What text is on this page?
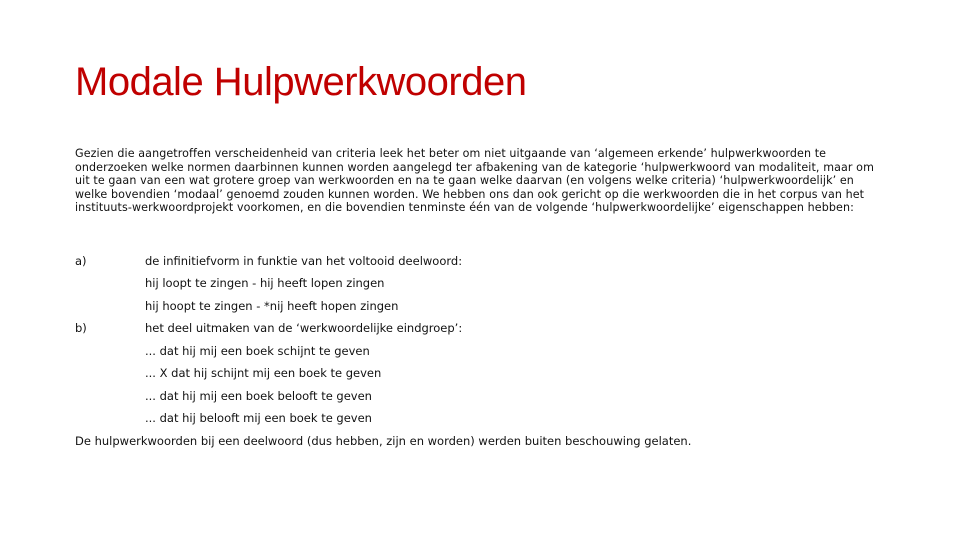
Modale Hulpwerkwoorden

Gezien die aangetroffen verscheidenheid van criteria leek het beter om niet uitgaande van ‘algemeen erkende’ hulpwerkwoorden te onderzoeken welke normen daarbinnen kunnen worden aangelegd ter afbakening van de kategorie ‘hulpwerkwoord van modaliteit, maar om uit te gaan van een wat grotere groep van werkwoorden en na te gaan welke daarvan (en volgens welke criteria) ‘hulpwerkwoordelijk’ en welke bovendien ‘modaal’ genoemd zouden kunnen worden. We hebben ons dan ook gericht op die werkwoorden die in het corpus van het instituuts-werkwoordprojekt voorkomen, en die bovendien tenminste één van de volgende ‘hulpwerkwoordelijke’ eigenschappen hebben:

a)	de infinitiefvorm in funktie van het voltooid deelwoord:
hij loopt te zingen - hij heeft lopen zingen
hij hoopt te zingen - *nij heeft hopen zingen
b)	het deel uitmaken van de ‘werkwoordelijke eindgroep’:
... dat hij mij een boek schijnt te geven
... X dat hij schijnt mij een boek te geven
... dat hij mij een boek belooft te geven
... dat hij belooft mij een boek te geven
De hulpwerkwoorden bij een deelwoord (dus hebben, zijn en worden) werden buiten beschouwing gelaten.
